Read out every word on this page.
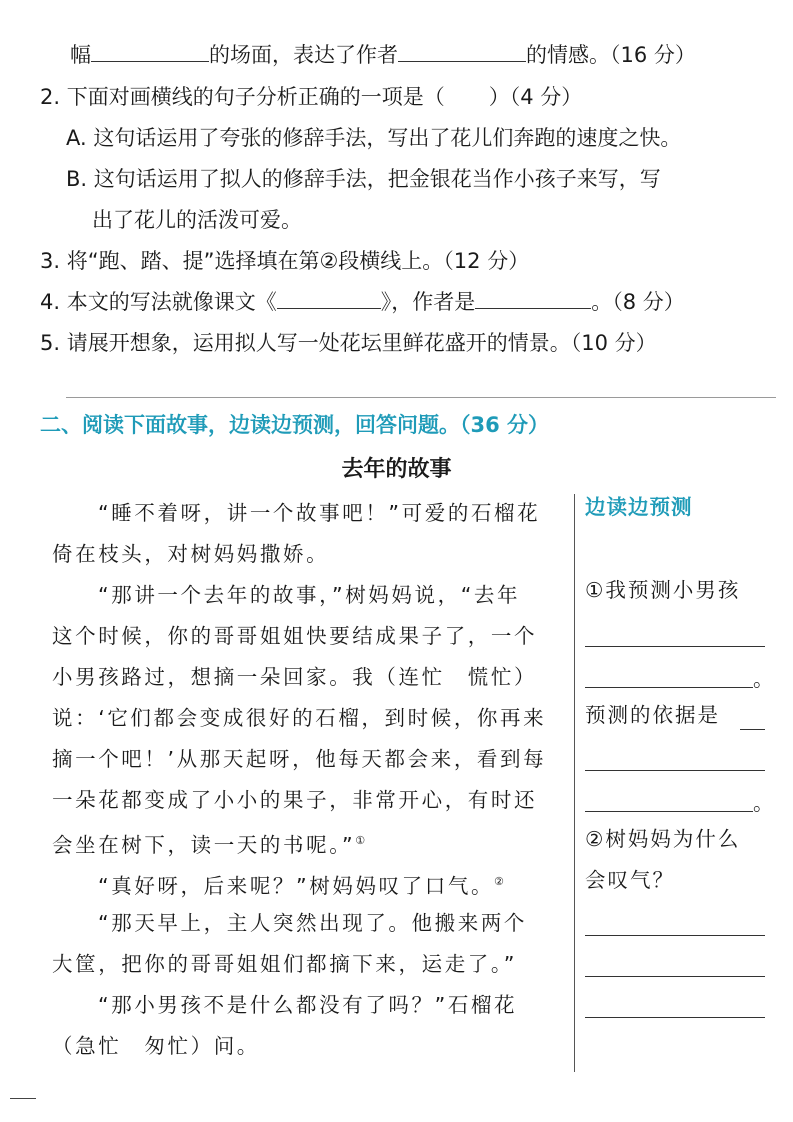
幅	的场面，表达了作者	的情感。（16 分）
2. 下面对画横线的句子分析正确的一项是（ ）（4 分）
A. 这句话运用了夸张的修辞手法，写出了花儿们奔跑的速度之快。
B. 这句话运用了拟人的修辞手法，把金银花当作小孩子来写，写
出了花儿的活泼可爱。
3. 将“跑、踏、提”选择填在第②段横线上。（12 分）
4. 本文的写法就像课文《	》，作者是	。（8 分）
5. 请展开想象，运用拟人写一处花坛里鲜花盛开的情景。（10 分）
二、阅读下面故事，边读边预测，回答问题。（36 分）
去年的故事
“睡不着呀，讲一个故事吧！”可爱的石榴花
倚在枝头，对树妈妈撒娇。
“那讲一个去年的故事，”树妈妈说，“去年
这个时候，你的哥哥姐姐快要结成果子了，一个
小男孩路过，想摘一朵回家。我（连忙　慌忙）
说：‘它们都会变成很好的石榴，到时候，你再来
摘一个吧！’从那天起呀，他每天都会来，看到每
一朵花都变成了小小的果子，非常开心，有时还
会坐在树下，读一天的书呢。”①
“真好呀，后来呢？”树妈妈叹了口气。②
“那天早上，主人突然出现了。他搬来两个
大筐，把你的哥哥姐姐们都摘下来，运走了。”
“那小男孩不是什么都没有了吗？”石榴花
（急忙　匆忙）问。
边读边预测
①我预测小男孩
。
预测的依据是
。
②树妈妈为什么
会叹气？
